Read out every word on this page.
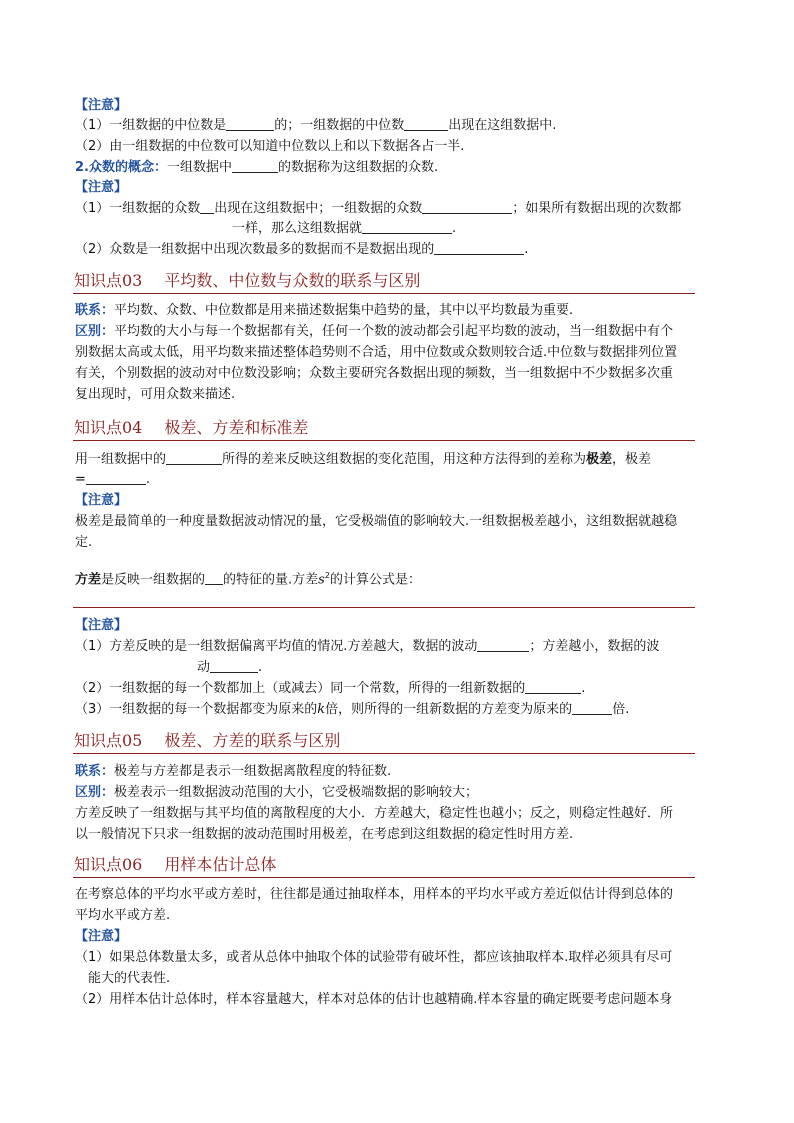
【注意】
（1）一组数据的中位数是	的；一组数据的中位数	出现在这组数据中.
（2）由一组数据的中位数可以知道中位数以上和以下数据各占一半.
2.众数的概念：一组数据中	的数据称为这组数据的众数.
【注意】
（1）一组数据的众数 出现在这组数据中；一组数据的众数	；如果所有数据出现的次数都
一样，那么这组数据就	.
（2）众数是一组数据中出现次数最多的数据而不是数据出现的	.
知识点03 平均数、中位数与众数的联系与区别
联系：平均数、众数、中位数都是用来描述数据集中趋势的量，其中以平均数最为重要.
区别：平均数的大小与每一个数据都有关，任何一个数的波动都会引起平均数的波动，当一组数据中有个
别数据太高或太低，用平均数来描述整体趋势则不合适，用中位数或众数则较合适.中位数与数据排列位置
有关，个别数据的波动对中位数没影响；众数主要研究各数据出现的频数，当一组数据中不少数据多次重
复出现时，可用众数来描述.
知识点04 极差、方差和标准差
用一组数据中的	所得的差来反映这组数据的变化范围，用这种方法得到的差称为极差，极差
=	.
【注意】
极差是最简单的一种度量数据波动情况的量，它受极端值的影响较大.一组数据极差越小，这组数据就越稳
定.
方差是反映一组数据的 的特征的量.方差$s^2$的计算公式是：
【注意】
（1）方差反映的是一组数据偏离平均值的情况.方差越大，数据的波动	；方差越小，数据的波
动	.
（2）一组数据的每一个数都加上（或减去）同一个常数，所得的一组新数据的	.
（3）一组数据的每一个数据都变为原来的k倍，则所得的一组新数据的方差变为原来的	倍.
知识点05 极差、方差的联系与区别
联系：极差与方差都是表示一组数据离散程度的特征数.
区别：极差表示一组数据波动范围的大小，它受极端数据的影响较大；
方差反映了一组数据与其平均值的离散程度的大小．方差越大，稳定性也越小；反之，则稳定性越好．所
以一般情况下只求一组数据的波动范围时用极差，在考虑到这组数据的稳定性时用方差.
知识点06 用样本估计总体
在考察总体的平均水平或方差时，往往都是通过抽取样本，用样本的平均水平或方差近似估计得到总体的
平均水平或方差.
【注意】
（1）如果总体数量太多，或者从总体中抽取个体的试验带有破坏性，都应该抽取样本.取样必须具有尽可
能大的代表性.
（2）用样本估计总体时，样本容量越大，样本对总体的估计也越精确.样本容量的确定既要考虑问题本身
